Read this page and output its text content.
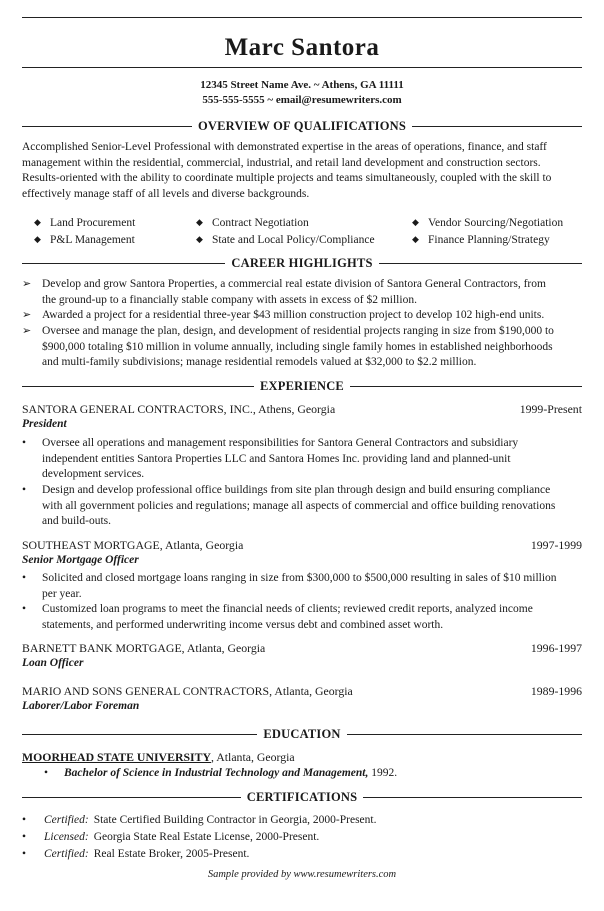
Marc Santora
12345 Street Name Ave. ~ Athens, GA 11111
555-555-5555 ~ email@resumewriters.com
OVERVIEW OF QUALIFICATIONS
Accomplished Senior-Level Professional with demonstrated expertise in the areas of operations, finance, and staff
management within the residential, commercial, industrial, and retail land development and construction sectors.
Results-oriented with the ability to coordinate multiple projects and teams simultaneously, coupled with the skill to
effectively manage staff of all levels and diverse backgrounds.
◆ Land Procurement	◆ Contract Negotiation	◆ Vendor Sourcing/Negotiation
◆ P&L Management	◆ State and Local Policy/Compliance	◆ Finance Planning/Strategy
CAREER HIGHLIGHTS
➢ Develop and grow Santora Properties, a commercial real estate division of Santora General Contractors, from
the ground-up to a financially stable company with assets in excess of $2 million.
➢ Awarded a project for a residential three-year $43 million construction project to develop 102 high-end units.
➢ Oversee and manage the plan, design, and development of residential projects ranging in size from $190,000 to
$900,000 totaling $10 million in volume annually, including single family homes in established neighborhoods
and multi-family subdivisions; manage residential remodels valued at $32,000 to $2.2 million.
EXPERIENCE
SANTORA GENERAL CONTRACTORS, INC., Athens, Georgia	1999-Present
President
•	Oversee all operations and management responsibilities for Santora General Contractors and subsidiary
independent entities Santora Properties LLC and Santora Homes Inc. providing land and planned-unit
development services.
•	Design and develop professional office buildings from site plan through design and build ensuring compliance
with all government policies and regulations; manage all aspects of commercial and office building renovations
and build-outs.
SOUTHEAST MORTGAGE, Atlanta, Georgia	1997-1999
Senior Mortgage Officer
•	Solicited and closed mortgage loans ranging in size from $300,000 to $500,000 resulting in sales of $10 million
per year.
•	Customized loan programs to meet the financial needs of clients; reviewed credit reports, analyzed income
statements, and performed underwriting income versus debt and combined asset worth.
BARNETT BANK MORTGAGE, Atlanta, Georgia	1996-1997
Loan Officer
MARIO AND SONS GENERAL CONTRACTORS, Atlanta, Georgia	1989-1996
Laborer/Labor Foreman
EDUCATION
MOORHEAD STATE UNIVERSITY, Atlanta, Georgia
• Bachelor of Science in Industrial Technology and Management, 1992.
CERTIFICATIONS
•	Certified: State Certified Building Contractor in Georgia, 2000-Present.
•	Licensed: Georgia State Real Estate License, 2000-Present.
•	Certified: Real Estate Broker, 2005-Present.
Sample provided by www.resumewriters.com
